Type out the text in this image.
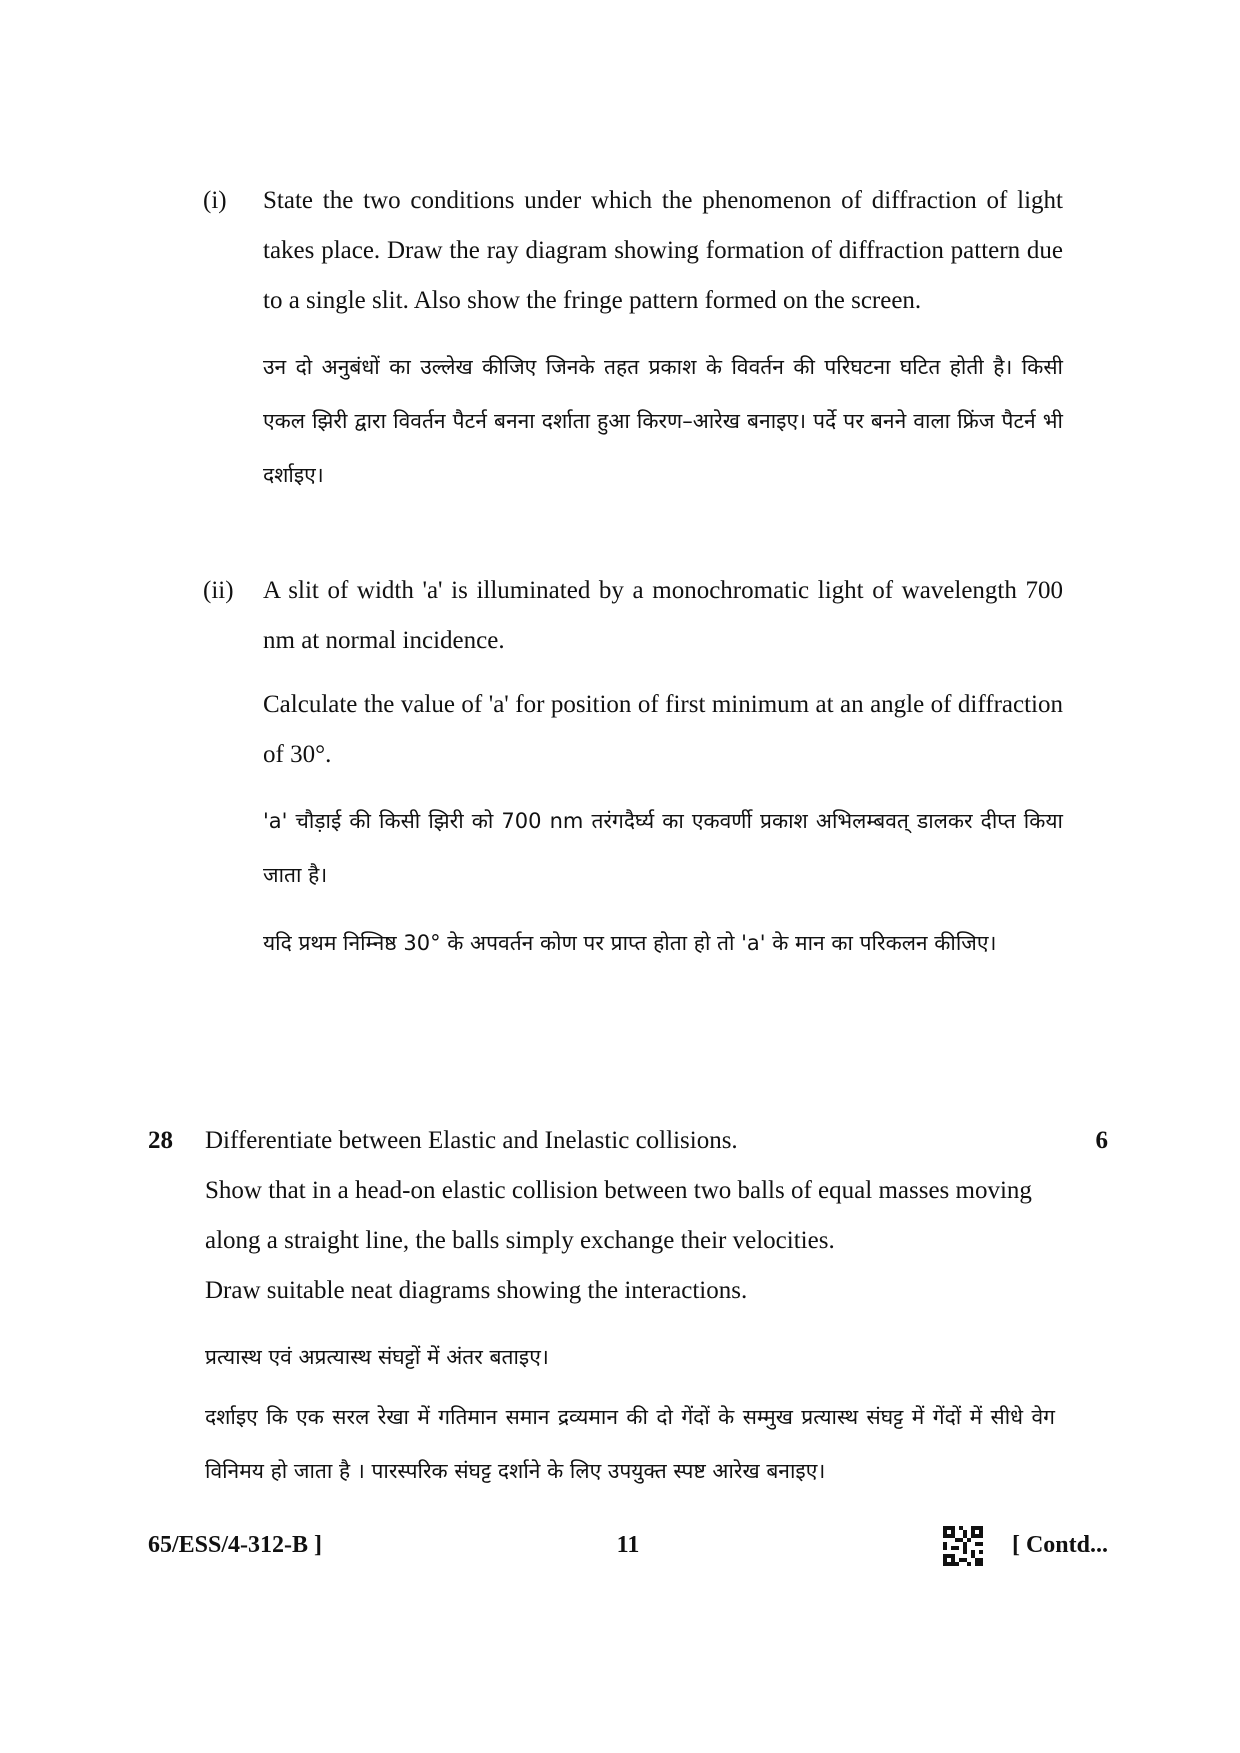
(i) State the two conditions under which the phenomenon of diffraction of light takes place. Draw the ray diagram showing formation of diffraction pattern due to a single slit. Also show the fringe pattern formed on the screen.

उन दो अनुबंधों का उल्लेख कीजिए जिनके तहत प्रकाश के विवर्तन की परिघटना घटित होती है। किसी एकल झिरी द्वारा विवर्तन पैटर्न बनना दर्शाता हुआ किरण–आरेख बनाइए। पर्दे पर बनने वाला फ्रिंज पैटर्न भी दर्शाइए।

(ii) A slit of width 'a' is illuminated by a monochromatic light of wavelength 700 nm at normal incidence.

Calculate the value of 'a' for position of first minimum at an angle of diffraction of 30°.

'a' चौड़ाई की किसी झिरी को 700 nm तरंगदैर्घ्य का एकवर्णी प्रकाश अभिलम्बवत् डालकर दीप्त किया जाता है।

यदि प्रथम निम्निष्ठ 30° के अपवर्तन कोण पर प्राप्त होता हो तो 'a' के मान का परिकलन कीजिए।

28	6

Differentiate between Elastic and Inelastic collisions.

Show that in a head-on elastic collision between two balls of equal masses moving along a straight line, the balls simply exchange their velocities.

Draw suitable neat diagrams showing the interactions.

प्रत्यास्थ एवं अप्रत्यास्थ संघट्टों में अंतर बताइए।

दर्शाइए कि एक सरल रेखा में गतिमान समान द्रव्यमान की दो गेंदों के सम्मुख प्रत्यास्थ संघट्ट में गेंदों में सीधे वेग विनिमय हो जाता है । पारस्परिक संघट्ट दर्शाने के लिए उपयुक्त स्पष्ट आरेख बनाइए।

65/ESS/4-312-B ]	11	[ Contd...
